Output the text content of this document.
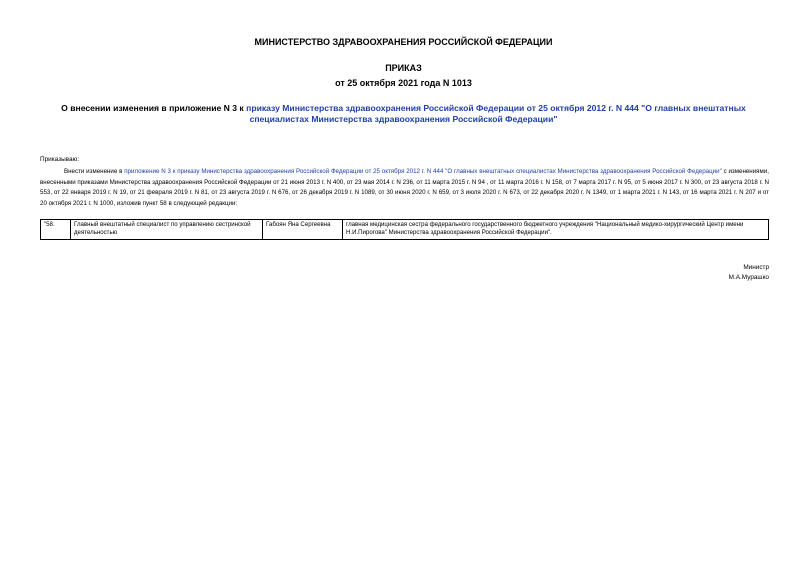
МИНИСТЕРСТВО ЗДРАВООХРАНЕНИЯ РОССИЙСКОЙ ФЕДЕРАЦИИ
ПРИКАЗ
от 25 октября 2021 года N 1013
О внесении изменения в приложение N 3 к приказу Министерства здравоохранения Российской Федерации от 25 октября 2012 г. N 444 "О главных внештатных специалистах Министерства здравоохранения Российской Федерации"
Приказываю:
Внести изменение в приложение N 3 к приказу Министерства здравоохранения Российской Федерации от 25 октября 2012 г. N 444 "О главных внештатных специалистах Министерства здравоохранения Российской Федерации" с изменениями, внесенными приказами Министерства здравоохранения Российской Федерации от 21 июня 2013 г. N 400, от 23 мая 2014 г. N 236, от 11 марта 2015 г. N 94 , от 11 марта 2016 г. N 158, от 7 марта 2017 г. N 95, от 5 июня 2017 г. N 300, от 23 августа 2018 г. N 553, от 22 января 2019 г. N 19, от 21 февраля 2019 г. N 81, от 23 августа 2019 г. N 676, от 26 декабря 2019 г. N 1089, от 30 июня 2020 г. N 659, от 3 июля 2020 г. N 673, от 22 декабря 2020 г. N 1349, от 1 марта 2021 г. N 143, от 16 марта 2021 г. N 207 и от 20 октября 2021 г. N 1000, изложив пункт 58 в следующей редакции:
"58.	Главный внештатный специалист по управлению сестринской деятельностью	Габоян Яна Сергеевна	главная медицинская сестра федерального государственного бюджетного учреждения "Национальный медико-хирургический Центр имени Н.И.Пирогова" Министерства здравоохранения Российской Федерации".
Министр
М.А.Мурашко
